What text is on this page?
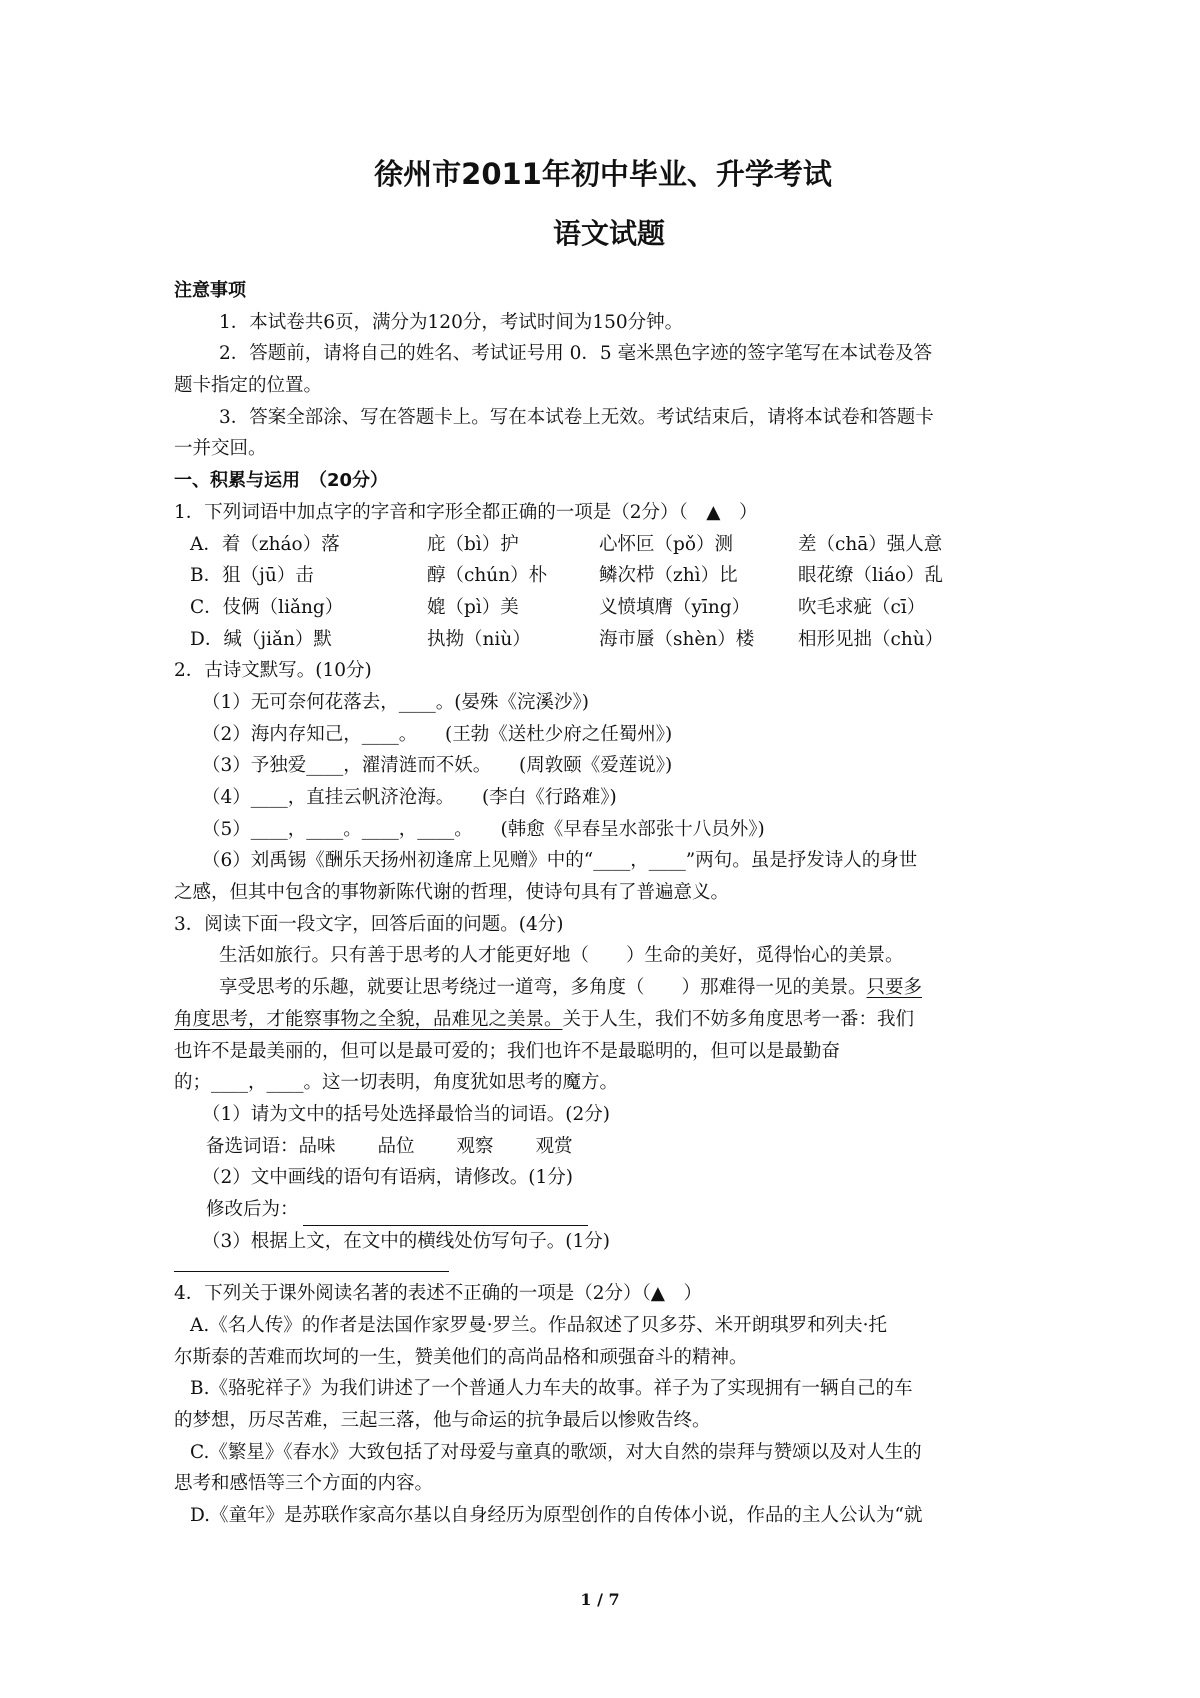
徐州市2011年初中毕业、升学考试
语文试题
注意事项
1．本试卷共6页，满分为120分，考试时间为150分钟。
2．答题前，请将自己的姓名、考试证号用 0．5 毫米黑色字迹的签字笔写在本试卷及答
题卡指定的位置。
3．答案全部涂、写在答题卡上。写在本试卷上无效。考试结束后，请将本试卷和答题卡
一并交回。
一、积累与运用　（20分）
1．下列词语中加点字的字音和字形全都正确的一项是（2分）（　▲　）
A．着（zháo）落	庇（bì）护	心怀叵（pǒ）测	差（chā）强人意
B．狙（jū）击	醇（chún）朴	鳞次栉（zhì）比	眼花缭（liáo）乱
C．伎俩（liǎng）	媲（pì）美	义愤填膺（yīng）	吹毛求疵（cī）
D．缄（jiǎn）默	执拗（niù）	海市蜃（shèn）楼	相形见拙（chù）
2．古诗文默写。(10分)
（1）无可奈何花落去，____。(晏殊《浣溪沙》)
（2）海内存知己，____。　　(王勃《送杜少府之任蜀州》)
（3）予独爱____，濯清涟而不妖。　　(周敦颐《爱莲说》)
（4）____，直挂云帆济沧海。　　(李白《行路难》)
（5）____，____。____，____。　　(韩愈《早春呈水部张十八员外》)
（6）刘禹锡《酬乐天扬州初逢席上见赠》中的“____，____”两句。虽是抒发诗人的身世
之感，但其中包含的事物新陈代谢的哲理，使诗句具有了普遍意义。
3．阅读下面一段文字，回答后面的问题。(4分)
生活如旅行。只有善于思考的人才能更好地（　　）生命的美好，觅得怡心的美景。
享受思考的乐趣，就要让思考绕过一道弯，多角度（　　）那难得一见的美景。只要多
角度思考，才能察事物之全貌，品难见之美景。关于人生，我们不妨多角度思考一番：我们
也许不是最美丽的，但可以是最可爱的；我们也许不是最聪明的，但可以是最勤奋
的；____，____。这一切表明，角度犹如思考的魔方。
（1）请为文中的括号处选择最恰当的词语。(2分)
备选词语：品味 品位 观察 观赏
（2）文中画线的语句有语病，请修改。(1分)
修改后为：
（3）根据上文，在文中的横线处仿写句子。(1分)
4．下列关于课外阅读名著的表述不正确的一项是（2分）（▲　）
A.《名人传》的作者是法国作家罗曼·罗兰。作品叙述了贝多芬、米开朗琪罗和列夫·托
尔斯泰的苦难而坎坷的一生，赞美他们的高尚品格和顽强奋斗的精神。
B.《骆驼祥子》为我们讲述了一个普通人力车夫的故事。祥子为了实现拥有一辆自己的车
的梦想，历尽苦难，三起三落，他与命运的抗争最后以惨败告终。
C.《繁星》《春水》大致包括了对母爱与童真的歌颂，对大自然的崇拜与赞颂以及对人生的
思考和感悟等三个方面的内容。
D.《童年》是苏联作家高尔基以自身经历为原型创作的自传体小说，作品的主人公认为“就
1 / 7
